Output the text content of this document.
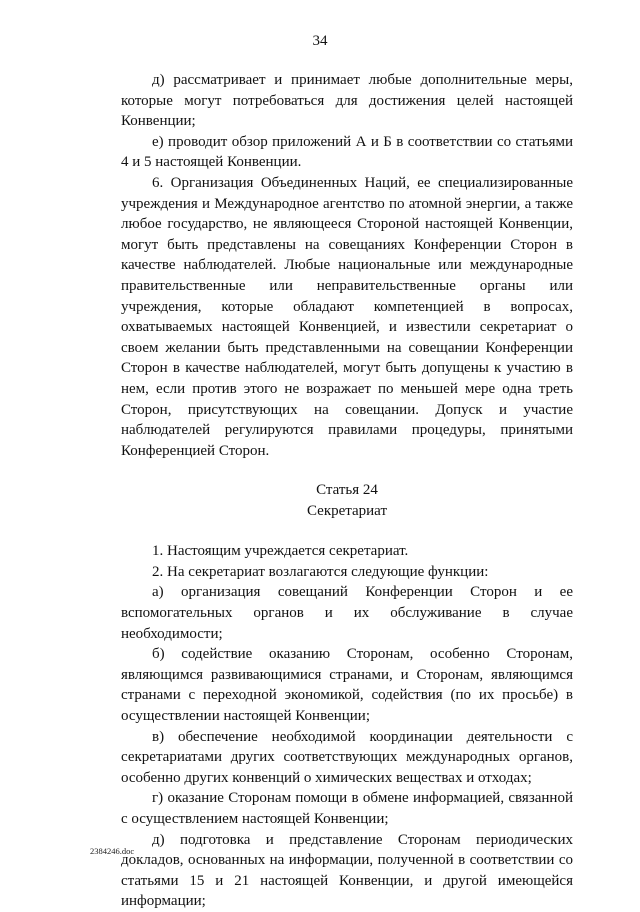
34

д) рассматривает и принимает любые дополнительные меры, которые могут потребоваться для достижения целей настоящей Конвенции;

е) проводит обзор приложений А и Б в соответствии со статьями 4 и 5 настоящей Конвенции.

6. Организация Объединенных Наций, ее специализированные учреждения и Международное агентство по атомной энергии, а также любое государство, не являющееся Стороной настоящей Конвенции, могут быть представлены на совещаниях Конференции Сторон в качестве наблюдателей. Любые национальные или международные правительственные или неправительственные органы или учреждения, которые обладают компетенцией в вопросах, охватываемых настоящей Конвенцией, и известили секретариат о своем желании быть представленными на совещании Конференции Сторон в качестве наблюдателей, могут быть допущены к участию в нем, если против этого не возражает по меньшей мере одна треть Сторон, присутствующих на совещании. Допуск и участие наблюдателей регулируются правилами процедуры, принятыми Конференцией Сторон.

Статья 24
Секретариат

1. Настоящим учреждается секретариат.

2. На секретариат возлагаются следующие функции:

а) организация совещаний Конференции Сторон и ее вспомогательных органов и их обслуживание в случае необходимости;

б) содействие оказанию Сторонам, особенно Сторонам, являющимся развивающимися странами, и Сторонам, являющимся странами с переходной экономикой, содействия (по их просьбе) в осуществлении настоящей Конвенции;

в) обеспечение необходимой координации деятельности с секретариатами других соответствующих международных органов, особенно других конвенций о химических веществах и отходах;

г) оказание Сторонам помощи в обмене информацией, связанной с осуществлением настоящей Конвенции;

д) подготовка и представление Сторонам периодических докладов, основанных на информации, полученной в соответствии со статьями 15 и 21 настоящей Конвенции, и другой имеющейся информации;

2384246.doc
